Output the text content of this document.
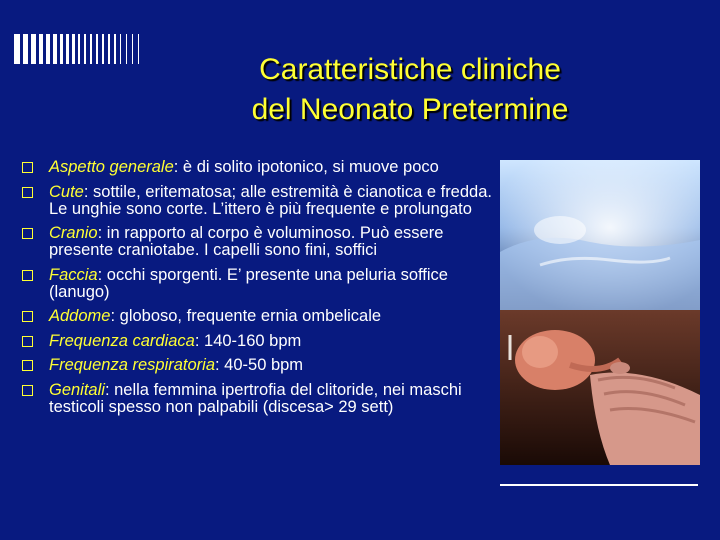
Caratteristiche cliniche
del Neonato Pretermine
Aspetto generale: è di solito ipotonico, si muove poco
Cute: sottile, eritematosa; alle estremità è cianotica e fredda. Le unghie sono corte. L’ittero è più frequente e prolungato
Cranio: in rapporto al corpo è voluminoso. Può essere presente craniotabe. I capelli sono fini, soffici
Faccia: occhi sporgenti. E’ presente una peluria soffice (lanugo)
Addome: globoso, frequente ernia ombelicale
Frequenza cardiaca: 140-160 bpm
Frequenza respiratoria: 40-50 bpm
Genitali: nella femmina ipertrofia del clitoride, nei maschi testicoli spesso non palpabili (discesa> 29 sett)
